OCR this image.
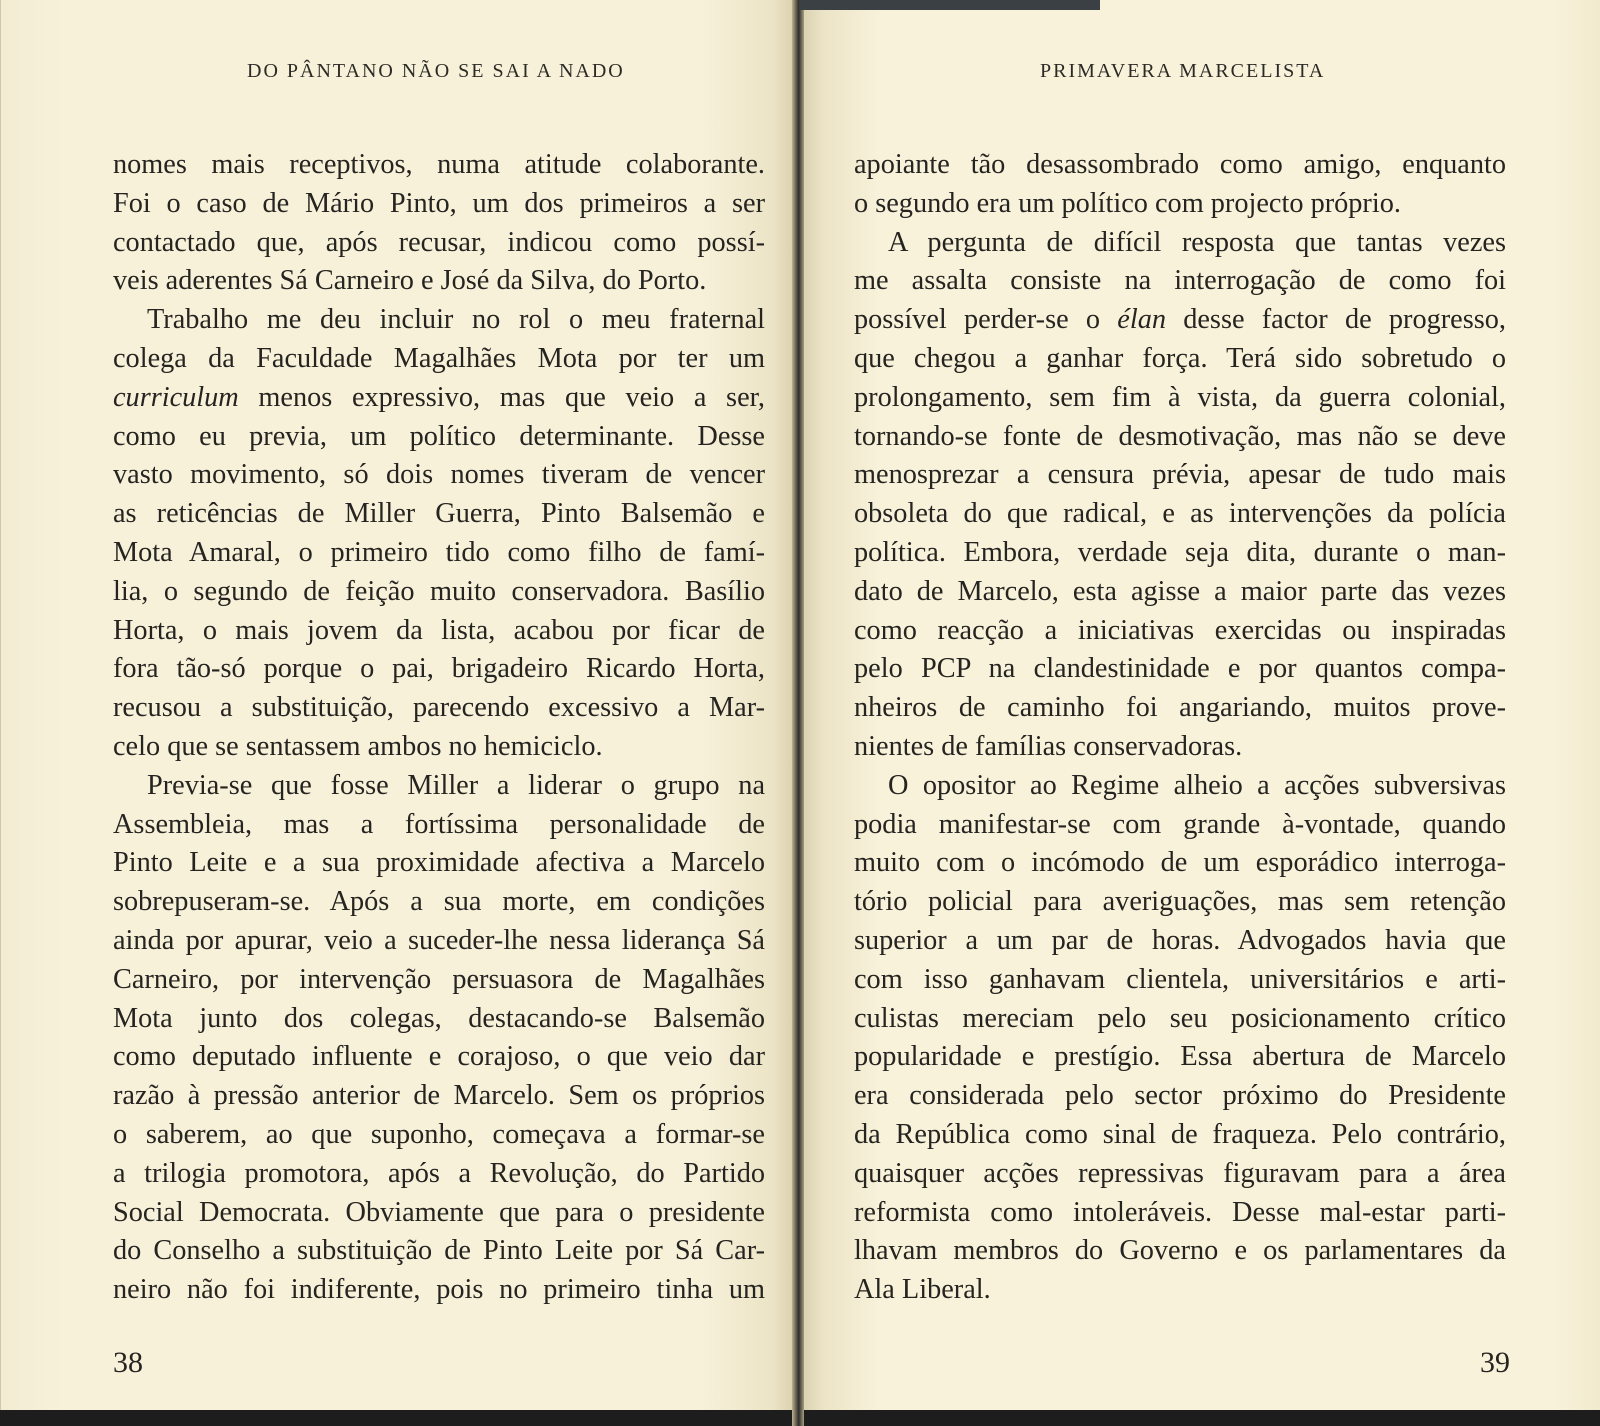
DO PÂNTANO NÃO SE SAI A NADO
nomes mais receptivos, numa atitude colaborante.
Foi o caso de Mário Pinto, um dos primeiros a ser
contactado que, após recusar, indicou como possí-
veis aderentes Sá Carneiro e José da Silva, do Porto.
Trabalho me deu incluir no rol o meu fraternal
colega da Faculdade Magalhães Mota por ter um
curriculum menos expressivo, mas que veio a ser,
como eu previa, um político determinante. Desse
vasto movimento, só dois nomes tiveram de vencer
as reticências de Miller Guerra, Pinto Balsemão e
Mota Amaral, o primeiro tido como filho de famí-
lia, o segundo de feição muito conservadora. Basílio
Horta, o mais jovem da lista, acabou por ficar de
fora tão-só porque o pai, brigadeiro Ricardo Horta,
recusou a substituição, parecendo excessivo a Mar-
celo que se sentassem ambos no hemiciclo.
Previa-se que fosse Miller a liderar o grupo na
Assembleia, mas a fortíssima personalidade de
Pinto Leite e a sua proximidade afectiva a Marcelo
sobrepuseram-se. Após a sua morte, em condições
ainda por apurar, veio a suceder-lhe nessa liderança Sá
Carneiro, por intervenção persuasora de Magalhães
Mota junto dos colegas, destacando-se Balsemão
como deputado influente e corajoso, o que veio dar
razão à pressão anterior de Marcelo. Sem os próprios
o saberem, ao que suponho, começava a formar-se
a trilogia promotora, após a Revolução, do Partido
Social Democrata. Obviamente que para o presidente
do Conselho a substituição de Pinto Leite por Sá Car-
neiro não foi indiferente, pois no primeiro tinha um
38
PRIMAVERA MARCELISTA
apoiante tão desassombrado como amigo, enquanto
o segundo era um político com projecto próprio.
A pergunta de difícil resposta que tantas vezes
me assalta consiste na interrogação de como foi
possível perder-se o élan desse factor de progresso,
que chegou a ganhar força. Terá sido sobretudo o
prolongamento, sem fim à vista, da guerra colonial,
tornando-se fonte de desmotivação, mas não se deve
menosprezar a censura prévia, apesar de tudo mais
obsoleta do que radical, e as intervenções da polícia
política. Embora, verdade seja dita, durante o man-
dato de Marcelo, esta agisse a maior parte das vezes
como reacção a iniciativas exercidas ou inspiradas
pelo PCP na clandestinidade e por quantos compa-
nheiros de caminho foi angariando, muitos prove-
nientes de famílias conservadoras.
O opositor ao Regime alheio a acções subversivas
podia manifestar-se com grande à-vontade, quando
muito com o incómodo de um esporádico interroga-
tório policial para averiguações, mas sem retenção
superior a um par de horas. Advogados havia que
com isso ganhavam clientela, universitários e arti-
culistas mereciam pelo seu posicionamento crítico
popularidade e prestígio. Essa abertura de Marcelo
era considerada pelo sector próximo do Presidente
da República como sinal de fraqueza. Pelo contrário,
quaisquer acções repressivas figuravam para a área
reformista como intoleráveis. Desse mal-estar parti-
lhavam membros do Governo e os parlamentares da
Ala Liberal.
39
